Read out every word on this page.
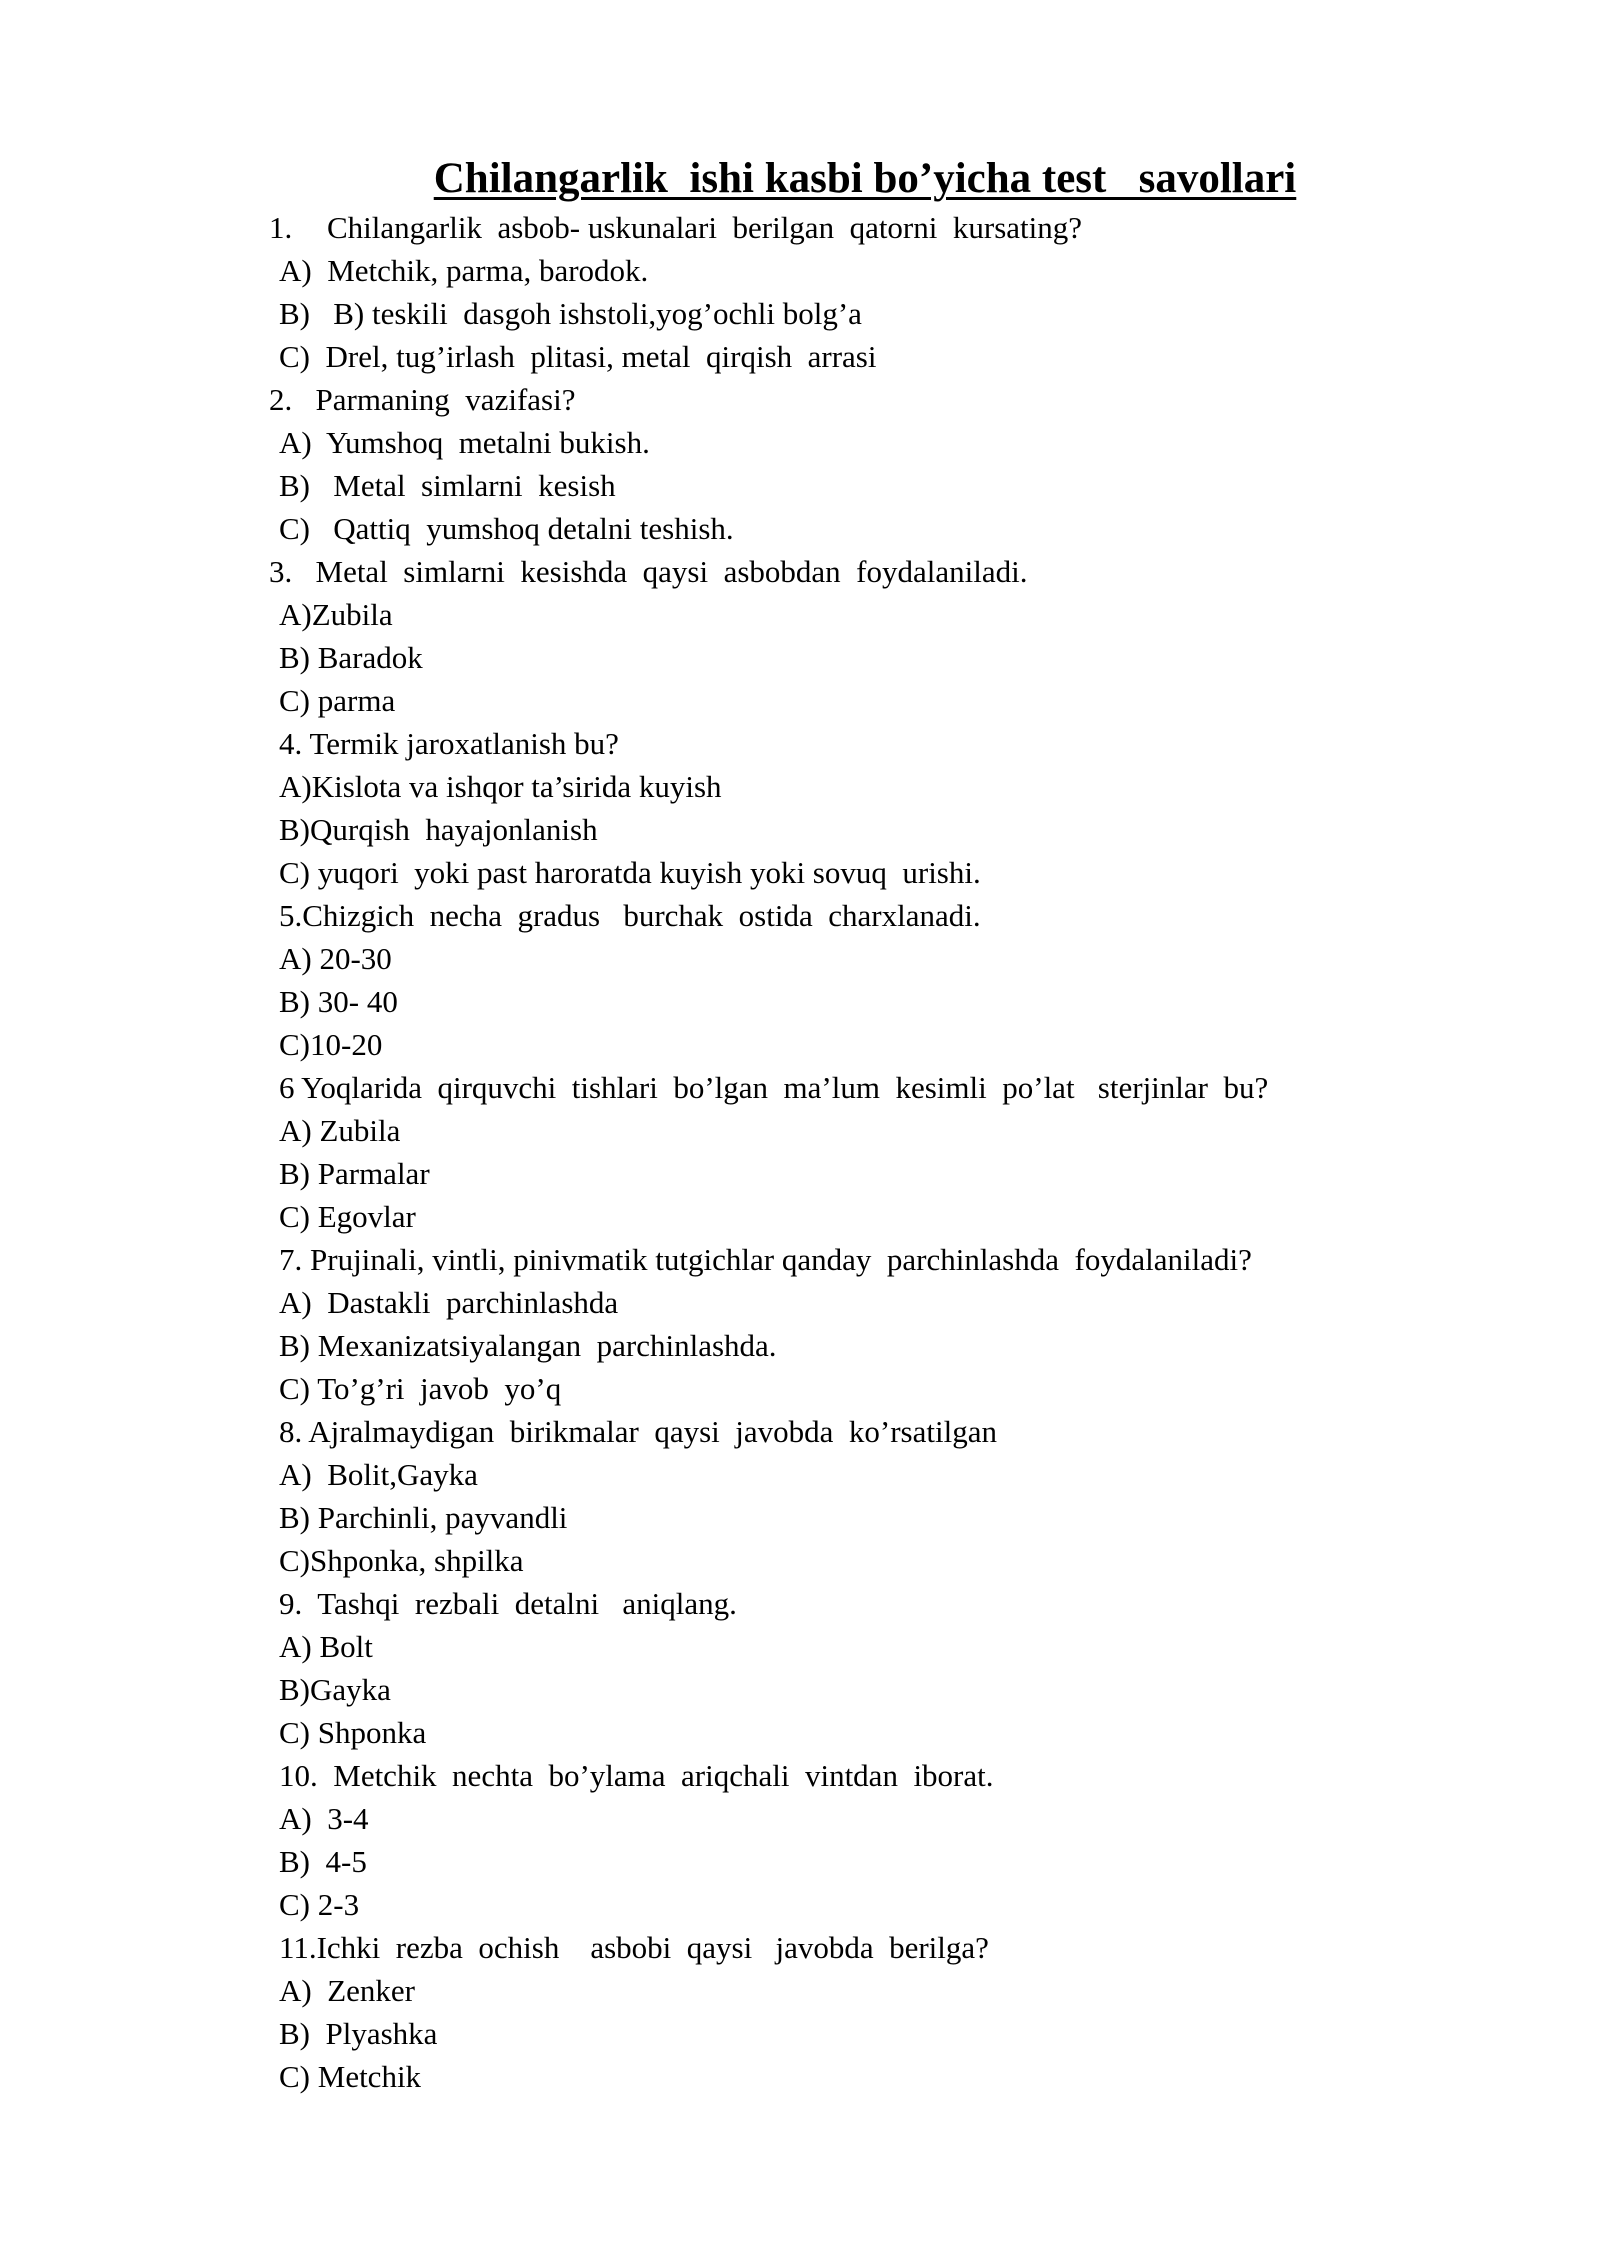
Chilangarlik  ishi kasbi bo’yicha test   savollari
1. Chilangarlik  asbob- uskunalari  berilgan  qatorni  kursating?
A)  Metchik, parma, barodok.
B)   B) teskili  dasgoh ishstoli,yog’ochli bolg’a
C)  Drel, tug’irlash  plitasi, metal  qirqish  arrasi
2.   Parmaning  vazifasi?
A)  Yumshoq  metalni bukish.
B)   Metal  simlarni  kesish
C)   Qattiq  yumshoq detalni teshish.
3.   Metal  simlarni  kesishda  qaysi  asbobdan  foydalaniladi.
A)Zubila
B) Baradok
C) parma
4. Termik jaroxatlanish bu?
A)Kislota va ishqor ta’sirida kuyish
B)Qurqish  hayajonlanish
C) yuqori  yoki past haroratda kuyish yoki sovuq  urishi.
5.Chizgich  necha  gradus   burchak  ostida  charxlanadi.
A) 20-30
B) 30- 40
C)10-20
6 Yoqlarida  qirquvchi  tishlari  bo’lgan  ma’lum  kesimli  po’lat   sterjinlar  bu?
A) Zubila
B) Parmalar
C) Egovlar
7. Prujinali, vintli, pinivmatik tutgichlar qanday  parchinlashda  foydalaniladi?
A)  Dastakli  parchinlashda
B) Mexanizatsiyalangan  parchinlashda.
C) To’g’ri  javob  yo’q
8. Ajralmaydigan  birikmalar  qaysi  javobda  ko’rsatilgan
A)  Bolit,Gayka
B) Parchinli, payvandli
C)Shponka, shpilka
9.  Tashqi  rezbali  detalni   aniqlang.
A) Bolt
B)Gayka
C) Shponka
10.  Metchik  nechta  bo’ylama  ariqchali  vintdan  iborat.
A)  3-4
B)  4-5
C) 2-3
11.Ichki  rezba  ochish    asbobi  qaysi   javobda  berilga?
A)  Zenker
B)  Plyashka
C) Metchik
